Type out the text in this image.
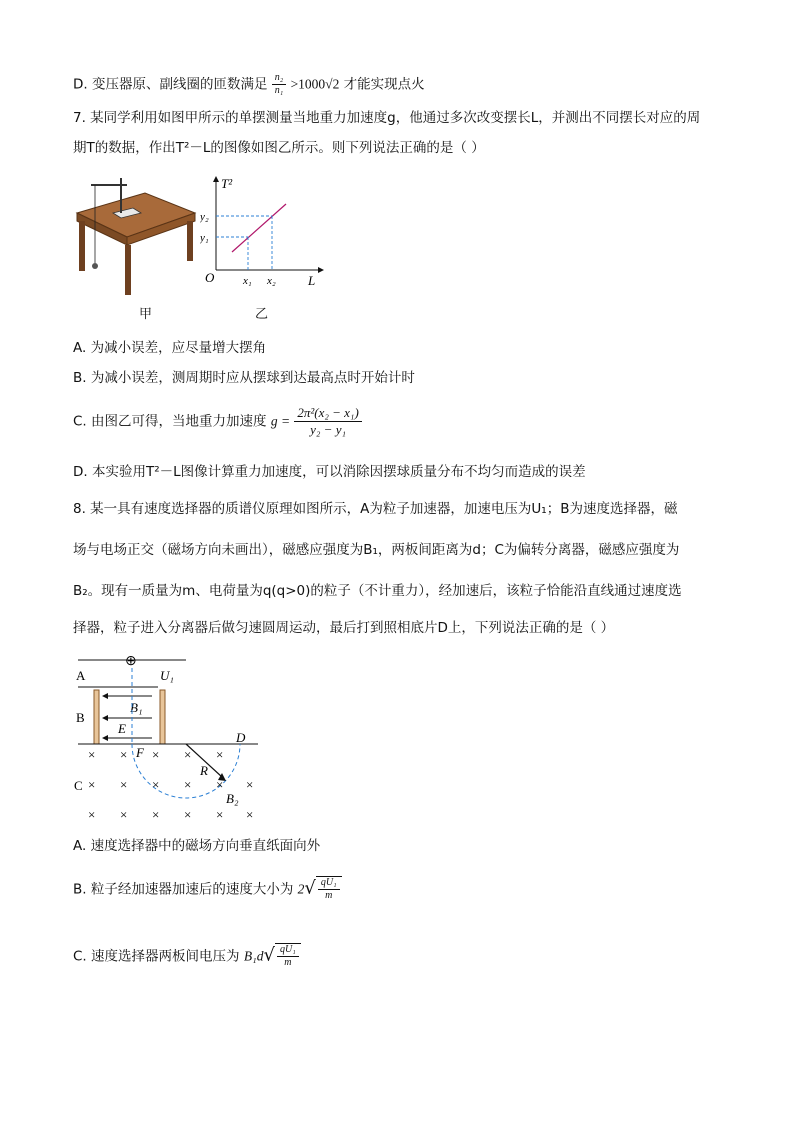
D. 变压器原、副线圈的匝数满足 $\frac{\text{n₂}}{\text{n₁}} >1000√2$ 才能实现点火
7. 某同学利用如图甲所示的单摆测量当地重力加速度g，他通过多次改变摆长L，并测出不同摆长对应的周
期T的数据，作出T²－L的图像如图乙所示。则下列说法正确的是（ ）
甲
T²
L
O
y₂
y₁
x₁ x₂
乙
A. 为减小误差，应尽量增大摆角
B. 为减小误差，测周期时应从摆球到达最高点时开始计时
C. 由图乙可得，当地重力加速度 $g = \frac{\text{2π²(x₂ − x₁)}}{\text{y₂ − y₁}}$
D. 本实验用T²－L图像计算重力加速度，可以消除因摆球质量分布不均匀而造成的误差
8. 某一具有速度选择器的质谱仪原理如图所示，A为粒子加速器，加速电压为U₁；B为速度选择器，磁
场与电场正交（磁场方向未画出），磁感应强度为B₁，两板间距离为d；C为偏转分离器，磁感应强度为
B₂。现有一质量为m、电荷量为q(q>0)的粒子（不计重力），经加速后，该粒子恰能沿直线通过速度选
择器，粒子进入分离器后做匀速圆周运动，最后打到照相底片D上，下列说法正确的是（ ）
⊕
A	U₁
B
B₁
E
F
D
R
B₂
C
× × × × ×
× × × × × ×
× × × × × ×
A. 速度选择器中的磁场方向垂直纸面向外
B. 粒子经加速器加速后的速度大小为 $2√ \frac{\text{qU₁}}{m}$
C. 速度选择器两板间电压为 $B_1d√ \frac{\text{qU₁}}{m}$
